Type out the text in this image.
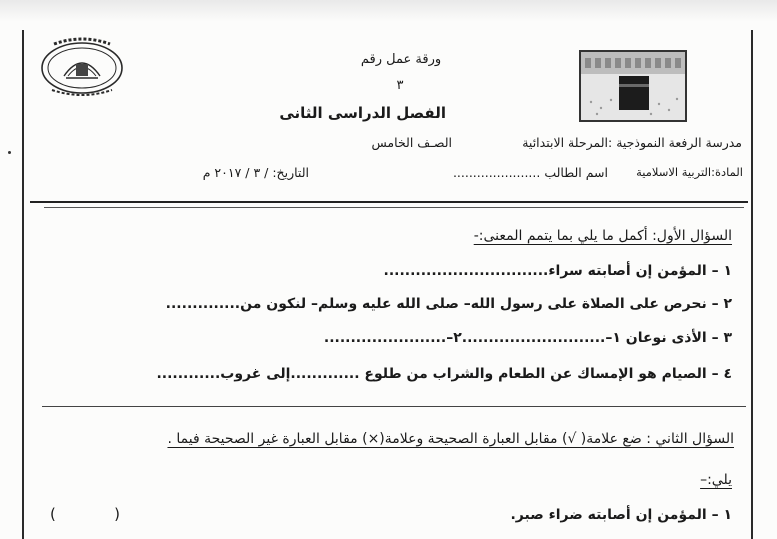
ورقة عمل رقم
٣
الفصل الدراسى الثانى
مدرسة الرفعة النموذجية :المرحلة الابتدائية
الصـف الخامس
المادة:التربية الاسلامية
اسم الطالب ......................
التاريخ: / ٣ / ٢٠١٧ م
السؤال الأول: أكمل ما يلي بما يتمم المعنى:-
١ – المؤمن إن أصابته سراء...............................
٢ – نحرص على الصلاة على رسول الله– صلى الله عليه وسلم– لنكون من..............
٣ – الأذى نوعان ١–...........................٢–.......................
٤ – الصيام هو الإمساك عن الطعام والشراب من طلوع .............إلى غروب............
السؤال الثاني : ضع علامة( √) مقابل العبارة الصحيحة وعلامة(×) مقابل العبارة غير الصحيحة فيما .
يلي:–
١ – المؤمن إن أصابته ضراء صبر.
(	)
